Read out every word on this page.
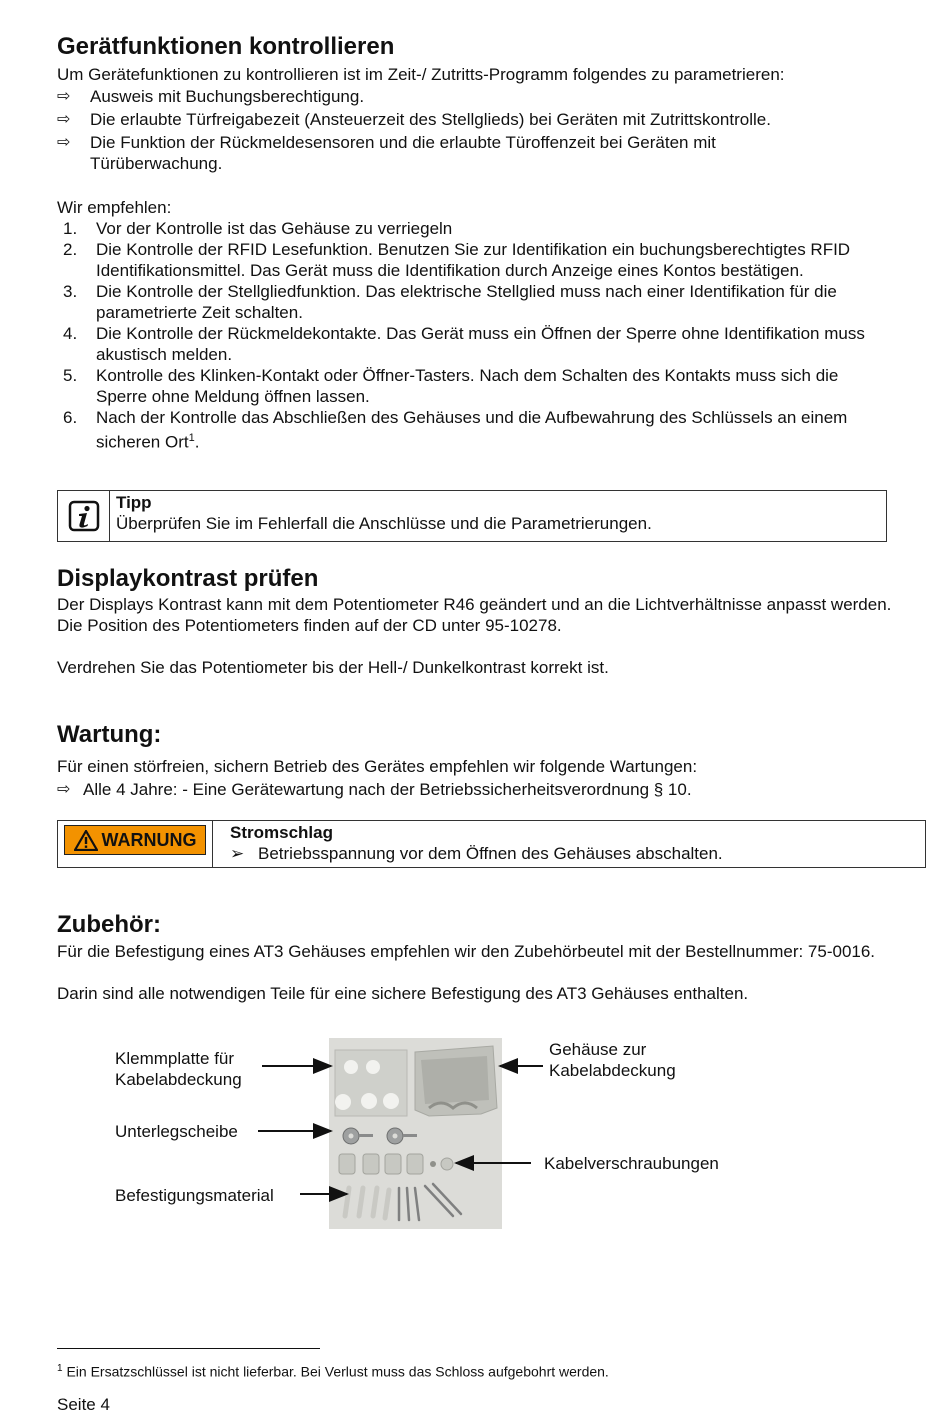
Gerätfunktionen kontrollieren

Um Gerätefunktionen zu kontrollieren ist im Zeit-/ Zutritts-Programm folgendes zu parametrieren:

⇨ Ausweis mit Buchungsberechtigung.
⇨ Die erlaubte Türfreigabezeit (Ansteuerzeit des Stellglieds) bei Geräten mit Zutrittskontrolle.
⇨ Die Funktion der Rückmeldesensoren und die erlaubte Türoffenzeit bei Geräten mit Türüberwachung.

Wir empfehlen:

1. Vor der Kontrolle ist das Gehäuse zu verriegeln
2. Die Kontrolle der RFID Lesefunktion. Benutzen Sie zur Identifikation ein buchungsberechtigtes RFID Identifikationsmittel. Das Gerät muss die Identifikation durch Anzeige eines Kontos bestätigen.
3. Die Kontrolle der Stellgliedfunktion. Das elektrische Stellglied muss nach einer Identifikation für die parametrierte Zeit schalten.
4. Die Kontrolle der Rückmeldekontakte. Das Gerät muss ein Öffnen der Sperre ohne Identifikation muss akustisch melden.
5. Kontrolle des Klinken-Kontakt oder Öffner-Tasters. Nach dem Schalten des Kontakts muss sich die Sperre ohne Meldung öffnen lassen.
6. Nach der Kontrolle das Abschließen des Gehäuses und die Aufbewahrung des Schlüssels an einem sicheren Ort$^1$.
Tipp
Überprüfen Sie im Fehlerfall die Anschlüsse und die Parametrierungen.
Displaykontrast prüfen

Der Displays Kontrast kann mit dem Potentiometer R46 geändert und an die Lichtverhältnisse anpasst werden. Die Position des Potentiometers finden auf der CD unter 95-10278.

Verdrehen Sie das Potentiometer bis der Hell-/ Dunkelkontrast korrekt ist.

Wartung:

Für einen störfreien, sichern Betrieb des Gerätes empfehlen wir folgende Wartungen:

⇨ Alle 4 Jahre: - Eine Gerätewartung nach der Betriebssicherheitsverordnung § 10.
WARNUNG Stromschlag
➢ Betriebsspannung vor dem Öffnen des Gehäuses abschalten.
Zubehör:

Für die Befestigung eines AT3 Gehäuses empfehlen wir den Zubehörbeutel mit der Bestellnummer: 75-0016.

Darin sind alle notwendigen Teile für eine sichere Befestigung des AT3 Gehäuses enthalten.

Klemmplatte für
Kabelabdeckung

Unterlegscheibe

Befestigungsmaterial

Gehäuse zur
Kabelabdeckung

Kabelverschraubungen

$^1$ Ein Ersatzschlüssel ist nicht lieferbar. Bei Verlust muss das Schloss aufgebohrt werden.

Seite 4
